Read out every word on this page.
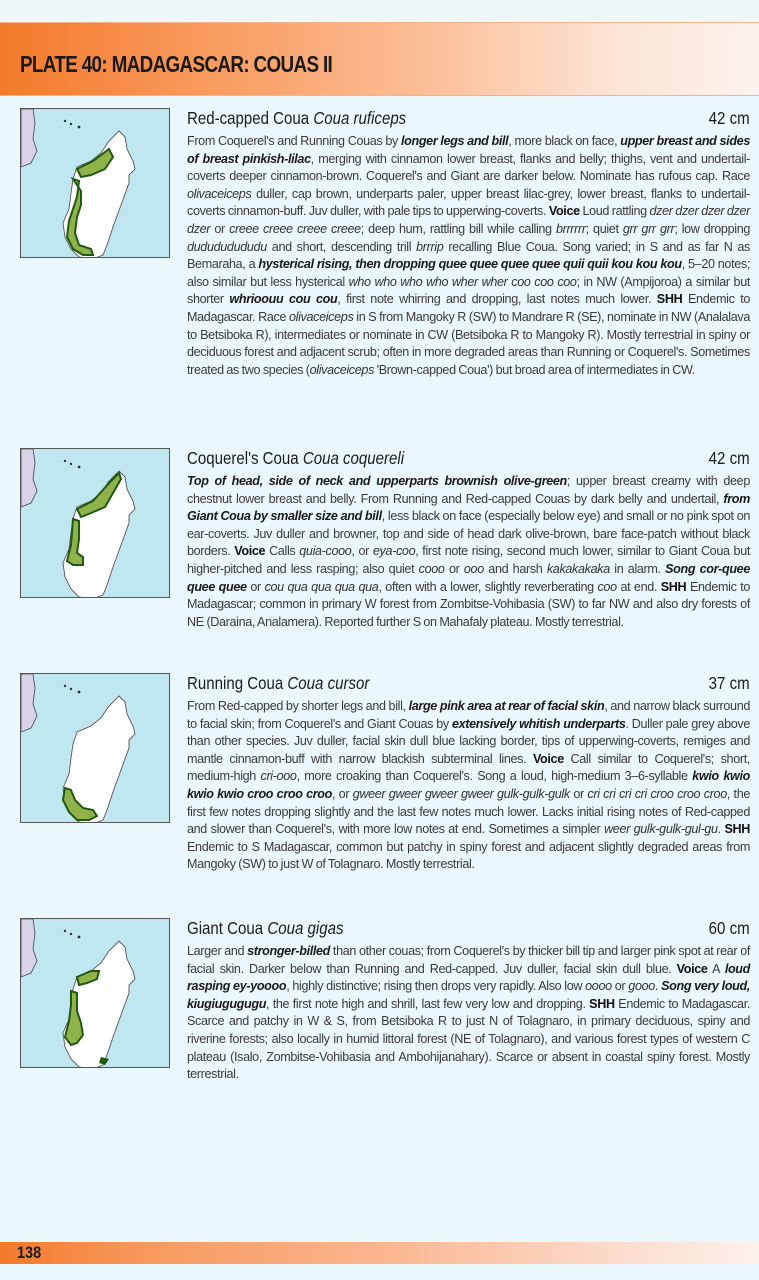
PLATE 40: MADAGASCAR: COUAS II
Red-capped Coua Coua ruficeps	42 cm
From Coquerel's and Running Couas by longer legs and bill, more black on face, upper breast and sides of breast pinkish-lilac, merging with cinnamon lower breast, flanks and belly; thighs, vent and undertail-coverts deeper cinnamon-brown. Coquerel's and Giant are darker below. Nominate has rufous cap. Race olivaceiceps duller, cap brown, underparts paler, upper breast lilac-grey, lower breast, flanks to undertail-coverts cinnamon-buff. Juv duller, with pale tips to upperwing-coverts. Voice Loud rattling dzer dzer dzer dzer dzer or creee creee creee creee; deep hum, rattling bill while calling brrrrrr; quiet grr grr grr; low dropping dudududududu and short, descending trill brrrip recalling Blue Coua. Song varied; in S and as far N as Bemaraha, a hysterical rising, then dropping quee quee quee quee quii quii kou kou kou, 5–20 notes; also similar but less hysterical who who who who wher wher coo coo coo; in NW (Ampijoroa) a similar but shorter whrioouu cou cou, first note whirring and dropping, last notes much lower. SHH Endemic to Madagascar. Race olivaceiceps in S from Mangoky R (SW) to Mandrare R (SE), nominate in NW (Analalava to Betsiboka R), intermediates or nominate in CW (Betsiboka R to Mangoky R). Mostly terrestrial in spiny or deciduous forest and adjacent scrub; often in more degraded areas than Running or Coquerel's. Sometimes treated as two species (olivaceiceps 'Brown-capped Coua') but broad area of intermediates in CW.
Coquerel's Coua Coua coquereli	42 cm
Top of head, side of neck and upperparts brownish olive-green; upper breast creamy with deep chestnut lower breast and belly. From Running and Red-capped Couas by dark belly and undertail, from Giant Coua by smaller size and bill, less black on face (especially below eye) and small or no pink spot on ear-coverts. Juv duller and browner, top and side of head dark olive-brown, bare face-patch without black borders. Voice Calls quia-cooo, or eya-coo, first note rising, second much lower, similar to Giant Coua but higher-pitched and less rasping; also quiet cooo or ooo and harsh kakakakaka in alarm. Song cor-quee quee quee or cou qua qua qua qua, often with a lower, slightly reverberating coo at end. SHH Endemic to Madagascar; common in primary W forest from Zombitse-Vohibasia (SW) to far NW and also dry forests of NE (Daraina, Analamera). Reported further S on Mahafaly plateau. Mostly terrestrial.
Running Coua Coua cursor	37 cm
From Red-capped by shorter legs and bill, large pink area at rear of facial skin, and narrow black surround to facial skin; from Coquerel's and Giant Couas by extensively whitish underparts. Duller pale grey above than other species. Juv duller, facial skin dull blue lacking border, tips of upperwing-coverts, remiges and mantle cinnamon-buff with narrow blackish subterminal lines. Voice Call similar to Coquerel's; short, medium-high cri-ooo, more croaking than Coquerel's. Song a loud, high-medium 3–6-syllable kwio kwio kwio kwio croo croo croo, or gweer gweer gweer gweer gulk-gulk-gulk or cri cri cri cri croo croo croo, the first few notes dropping slightly and the last few notes much lower. Lacks initial rising notes of Red-capped and slower than Coquerel's, with more low notes at end. Sometimes a simpler weer gulk-gulk-gul-gu. SHH Endemic to S Madagascar, common but patchy in spiny forest and adjacent slightly degraded areas from Mangoky (SW) to just W of Tolagnaro. Mostly terrestrial.
Giant Coua Coua gigas	60 cm
Larger and stronger-billed than other couas; from Coquerel's by thicker bill tip and larger pink spot at rear of facial skin. Darker below than Running and Red-capped. Juv duller, facial skin dull blue. Voice A loud rasping ey-yoooo, highly distinctive; rising then drops very rapidly. Also low oooo or gooo. Song very loud, kiugiugugugu, the first note high and shrill, last few very low and dropping. SHH Endemic to Madagascar. Scarce and patchy in W & S, from Betsiboka R to just N of Tolagnaro, in primary deciduous, spiny and riverine forests; also locally in humid littoral forest (NE of Tolagnaro), and various forest types of western C plateau (Isalo, Zombitse-Vohibasia and Ambohijanahary). Scarce or absent in coastal spiny forest. Mostly terrestrial.
138
